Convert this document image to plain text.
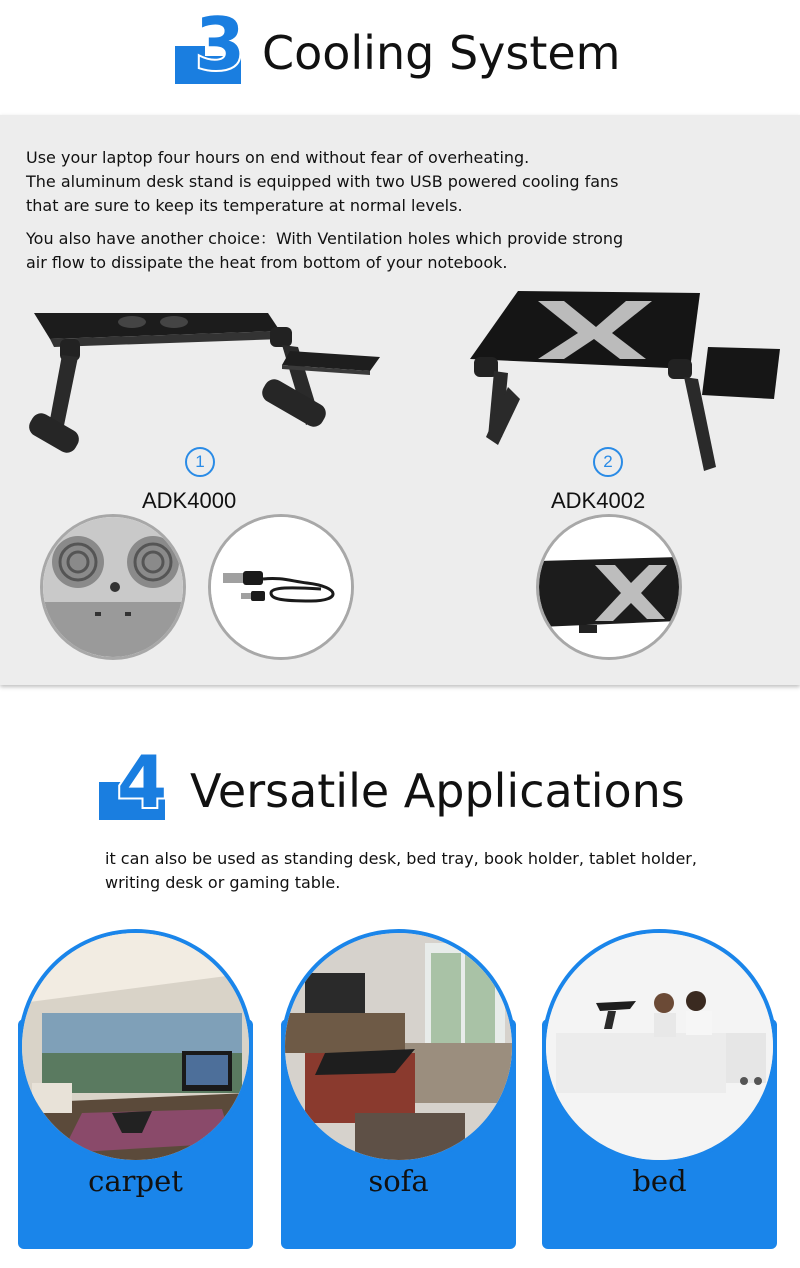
3 Cooling System
Use your laptop four hours on end without fear of overheating.
The aluminum desk stand is equipped with two USB powered cooling fans
that are sure to keep its temperature at normal levels.
You also have another choice：With Ventilation holes which provide strong
air flow to dissipate the heat from bottom of your notebook.
1
ADK4000
2
ADK4002
4 Versatile Applications
it can also be used as standing desk, bed tray, book holder, tablet holder,
writing desk or gaming table.
carpet	sofa	bed
